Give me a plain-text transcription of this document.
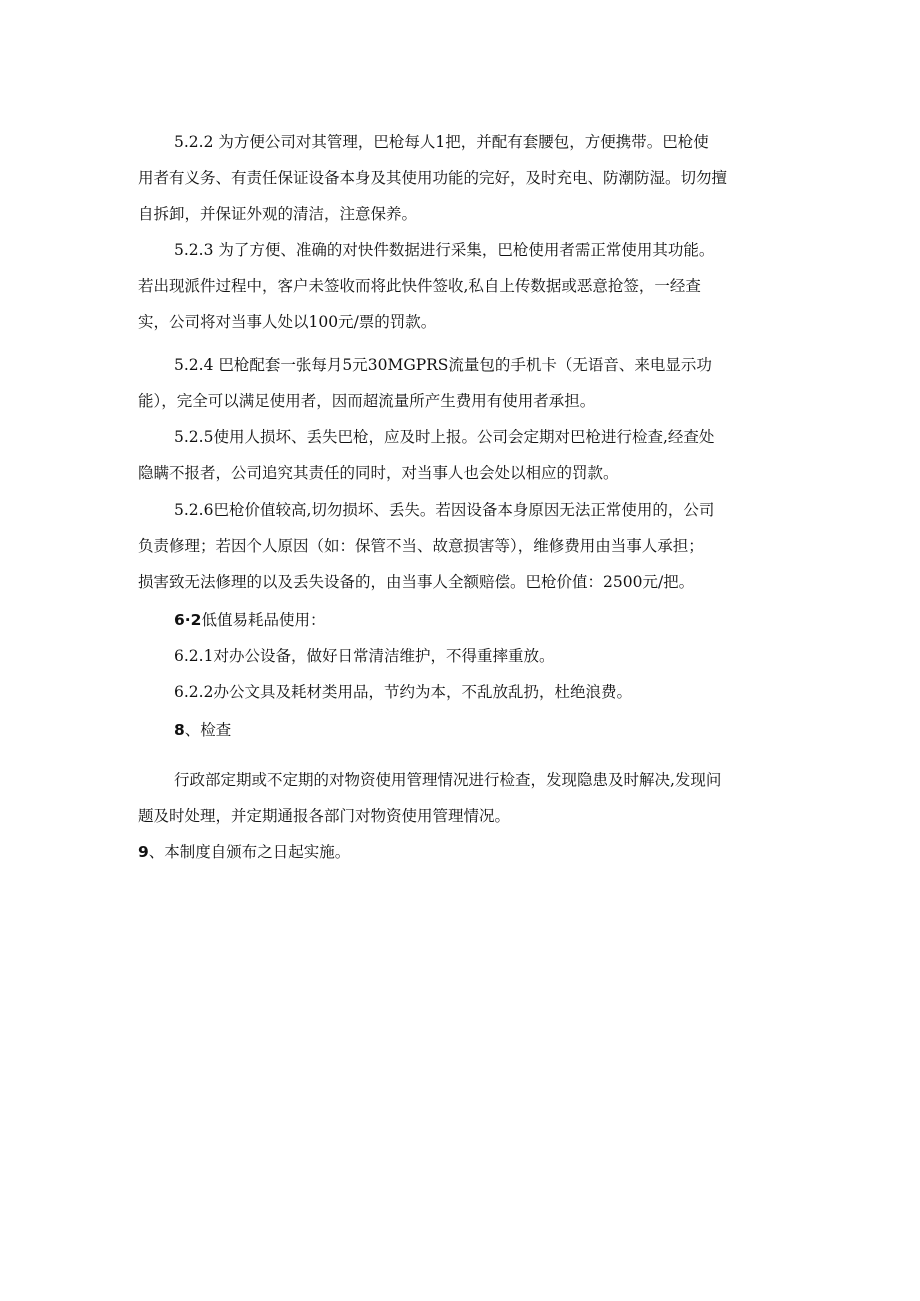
5.2.2 为方便公司对其管理，巴枪每人1把，并配有套腰包，方便携带。巴枪使
用者有义务、有责任保证设备本身及其使用功能的完好，及时充电、防潮防湿。切勿擅
自拆卸，并保证外观的清洁，注意保养。
5.2.3 为了方便、准确的对快件数据进行采集，巴枪使用者需正常使用其功能。
若出现派件过程中，客户未签收而将此快件签收,私自上传数据或恶意抢签，一经查
实，公司将对当事人处以100元/票的罚款。
5.2.4 巴枪配套一张每月5元30MGPRS流量包的手机卡（无语音、来电显示功
能），完全可以满足使用者，因而超流量所产生费用有使用者承担。
5.2.5使用人损坏、丢失巴枪，应及时上报。公司会定期对巴枪进行检查,经查处
隐瞒不报者，公司追究其责任的同时，对当事人也会处以相应的罚款。
5.2.6巴枪价值较高,切勿损坏、丢失。若因设备本身原因无法正常使用的，公司
负责修理；若因个人原因（如：保管不当、故意损害等），维修费用由当事人承担；
损害致无法修理的以及丢失设备的，由当事人全额赔偿。巴枪价值：2500元/把。
6·2低值易耗品使用：
6.2.1对办公设备，做好日常清洁维护，不得重摔重放。
6.2.2办公文具及耗材类用品，节约为本，不乱放乱扔，杜绝浪费。
8、检查
行政部定期或不定期的对物资使用管理情况进行检查，发现隐患及时解决,发现问
题及时处理，并定期通报各部门对物资使用管理情况。
9、本制度自颁布之日起实施。
